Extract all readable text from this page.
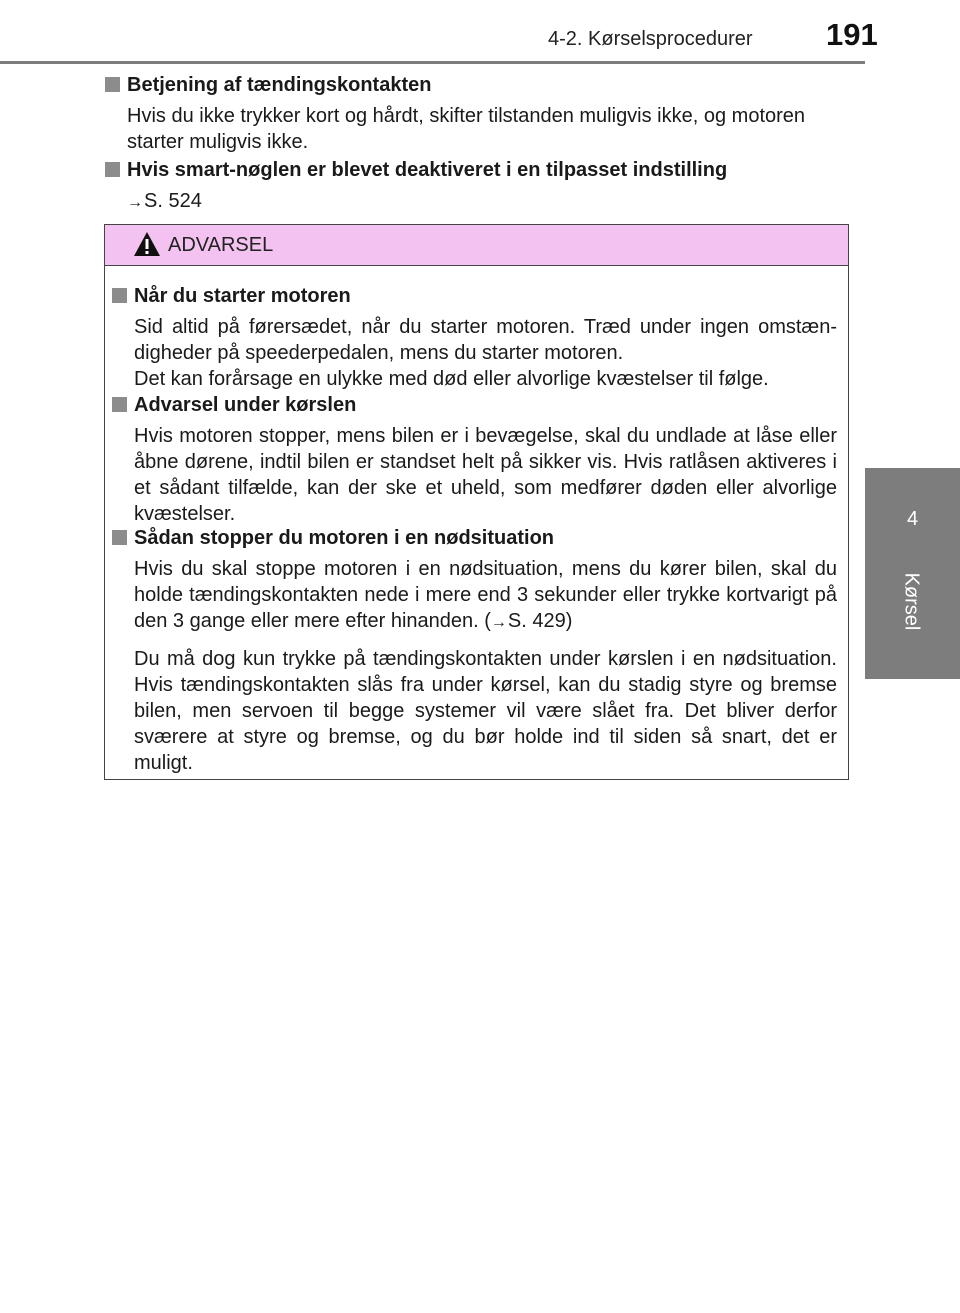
4-2. Kørselsprocedurer 191
4
Kørsel
Betjening af tændingskontakten
Hvis du ikke trykker kort og hårdt, skifter tilstanden muligvis ikke, og motoren starter muligvis ikke.
Hvis smart-nøglen er blevet deaktiveret i en tilpasset indstilling
→S. 524
ADVARSEL
Når du starter motoren
Sid altid på førersædet, når du starter motoren. Træd under ingen omstæn-digheder på speederpedalen, mens du starter motoren.
Det kan forårsage en ulykke med død eller alvorlige kvæstelser til følge.
Advarsel under kørslen
Hvis motoren stopper, mens bilen er i bevægelse, skal du undlade at låse eller åbne dørene, indtil bilen er standset helt på sikker vis. Hvis ratlåsen aktiveres i et sådant tilfælde, kan der ske et uheld, som medfører døden eller alvorlige kvæstelser.
Sådan stopper du motoren i en nødsituation
Hvis du skal stoppe motoren i en nødsituation, mens du kører bilen, skal du holde tændingskontakten nede i mere end 3 sekunder eller trykke kortvarigt på den 3 gange eller mere efter hinanden. (→S. 429)
Du må dog kun trykke på tændingskontakten under kørslen i en nødsituation. Hvis tændingskontakten slås fra under kørsel, kan du stadig styre og bremse bilen, men servoen til begge systemer vil være slået fra. Det bliver derfor sværere at styre og bremse, og du bør holde ind til siden så snart, det er muligt.
